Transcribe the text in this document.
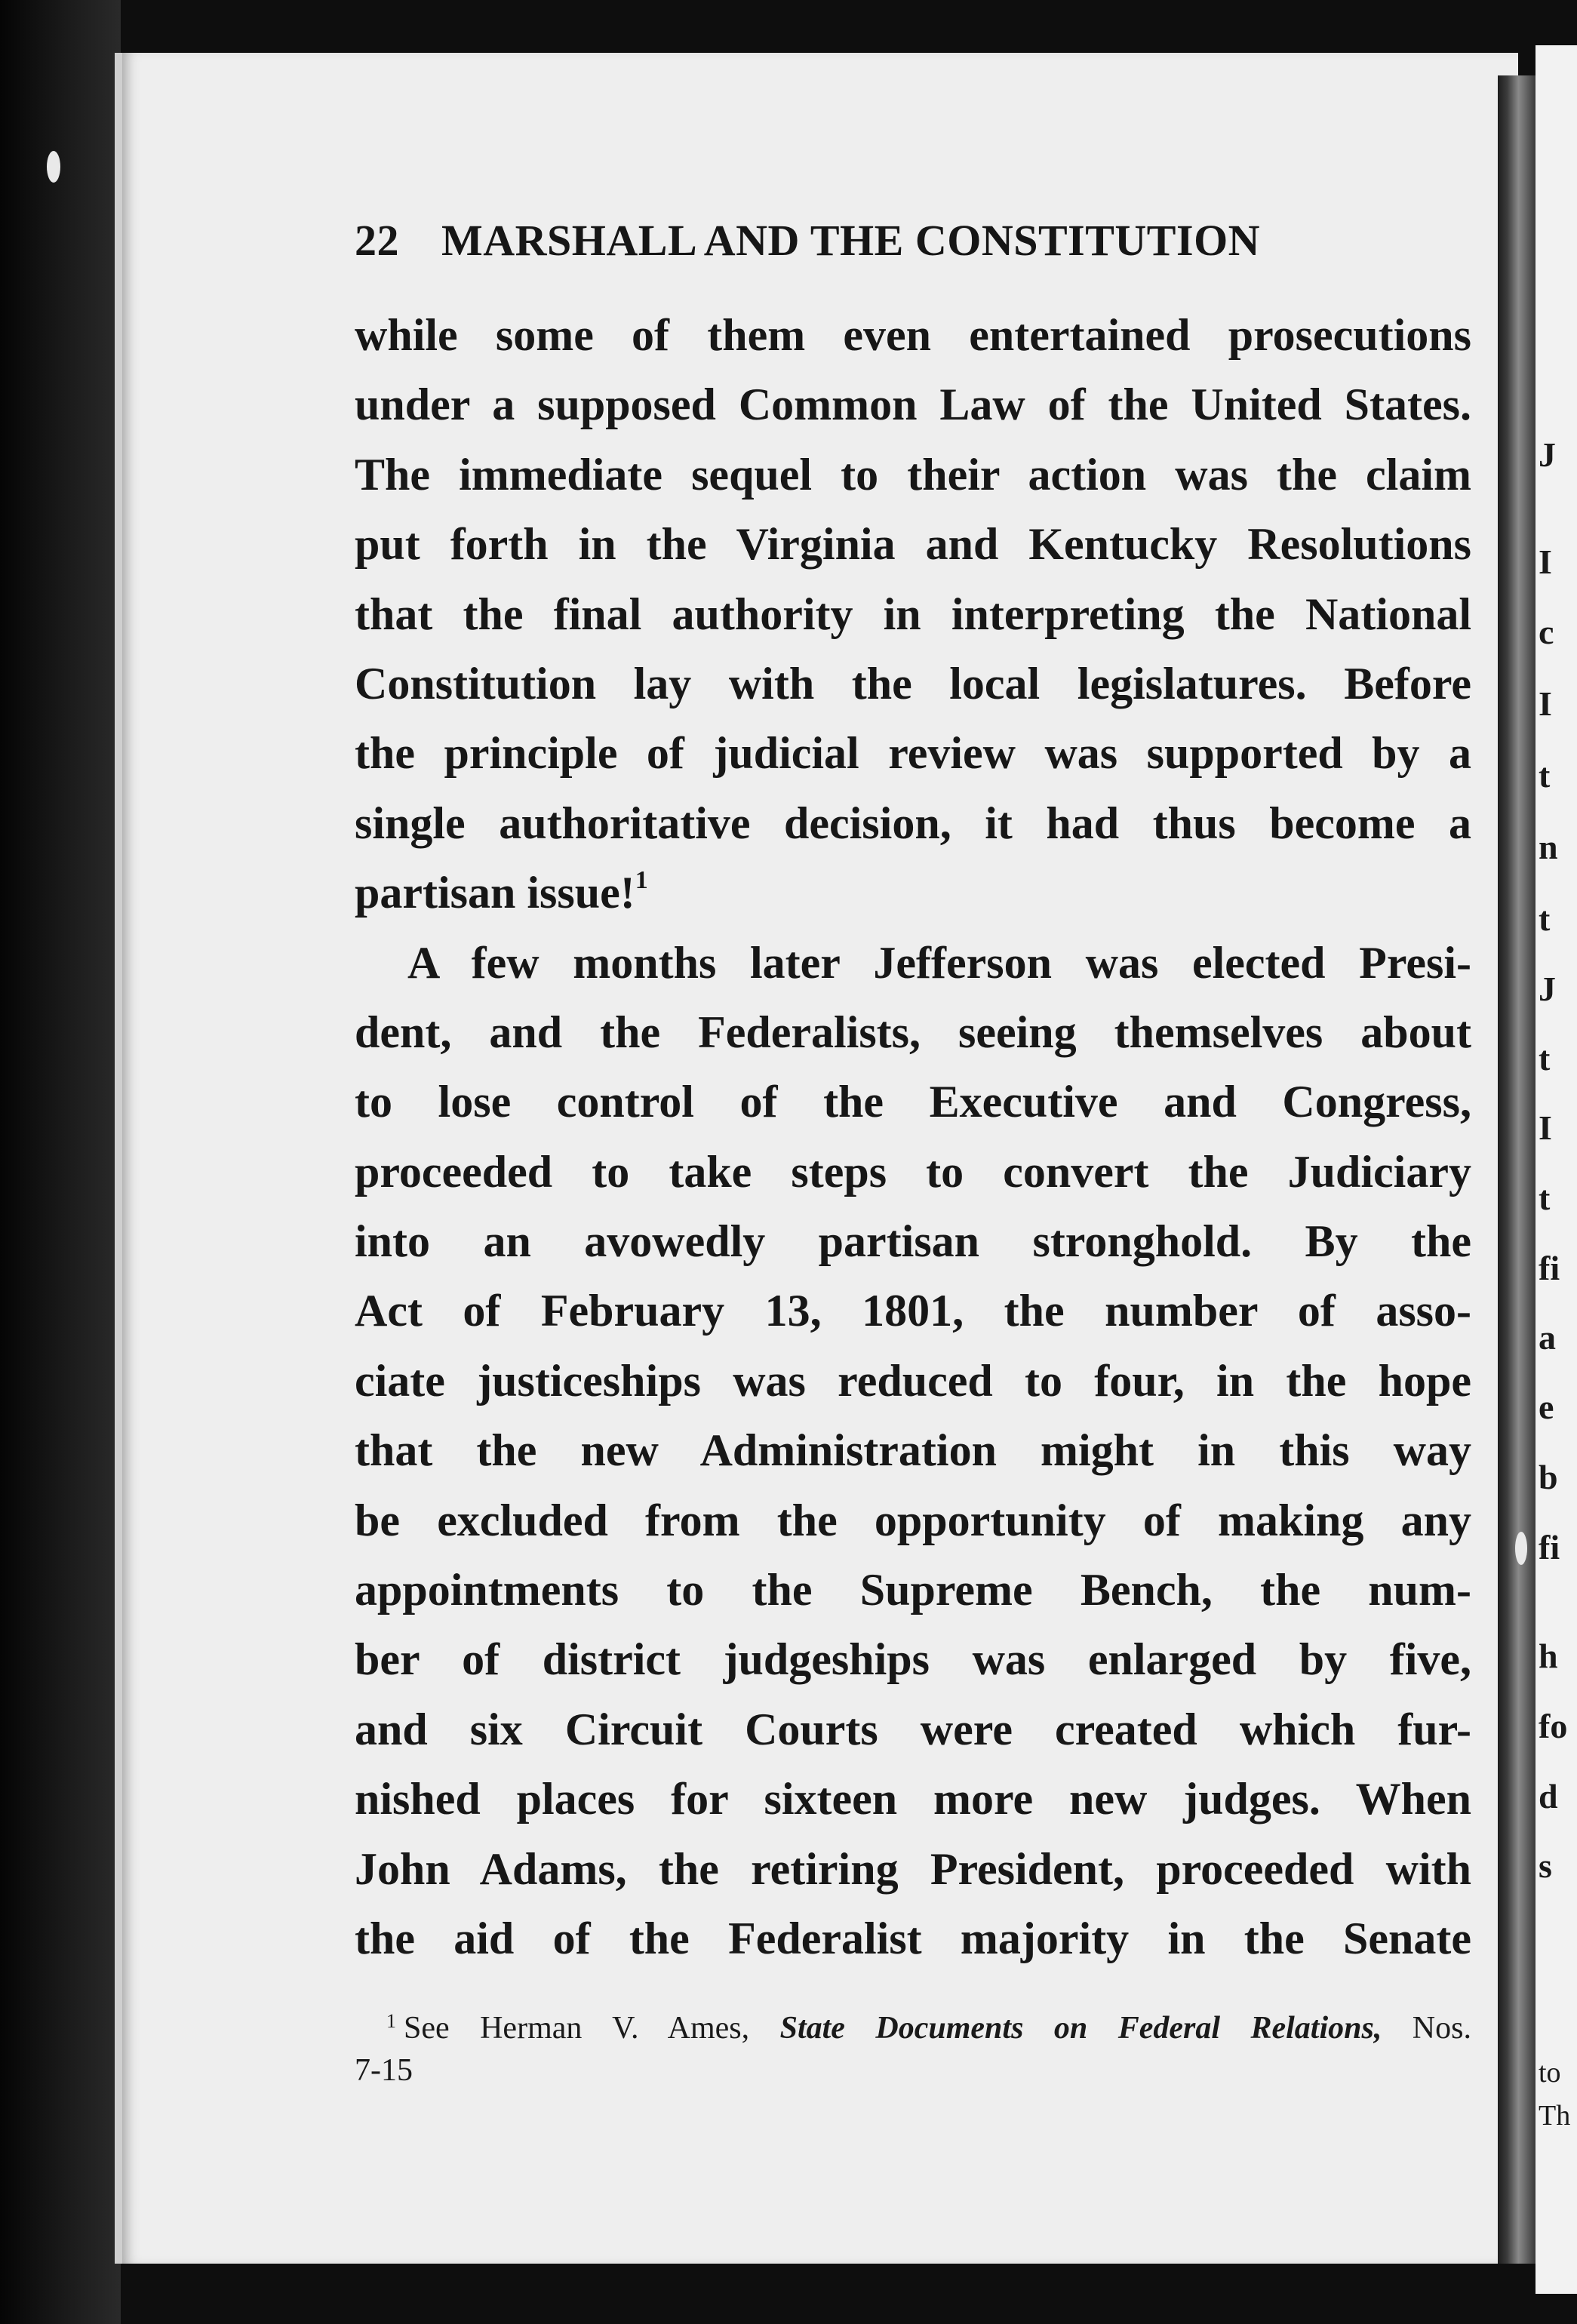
J
I
c
I
t
n
t
J
t
I
t
fi
a
e
b
fi
h
fo
d
s
to
Th
22 MARSHALL AND THE CONSTITUTION
while some of them even entertained prosecutions
under a supposed Common Law of the United States.
The immediate sequel to their action was the claim
put forth in the Virginia and Kentucky Resolutions
that the final authority in interpreting the National
Constitution lay with the local legislatures. Before
the principle of judicial review was supported by a
single authoritative decision, it had thus become a
partisan issue!$^1$
A few months later Jefferson was elected Presi-
dent, and the Federalists, seeing themselves about
to lose control of the Executive and Congress,
proceeded to take steps to convert the Judiciary
into an avowedly partisan stronghold. By the
Act of February 13, 1801, the number of asso-
ciate justiceships was reduced to four, in the hope
that the new Administration might in this way
be excluded from the opportunity of making any
appointments to the Supreme Bench, the num-
ber of district judgeships was enlarged by five,
and six Circuit Courts were created which fur-
nished places for sixteen more new judges. When
John Adams, the retiring President, proceeded with
the aid of the Federalist majority in the Senate
$^1$ See Herman V. Ames, State Documents on Federal Relations, Nos.
7-15
